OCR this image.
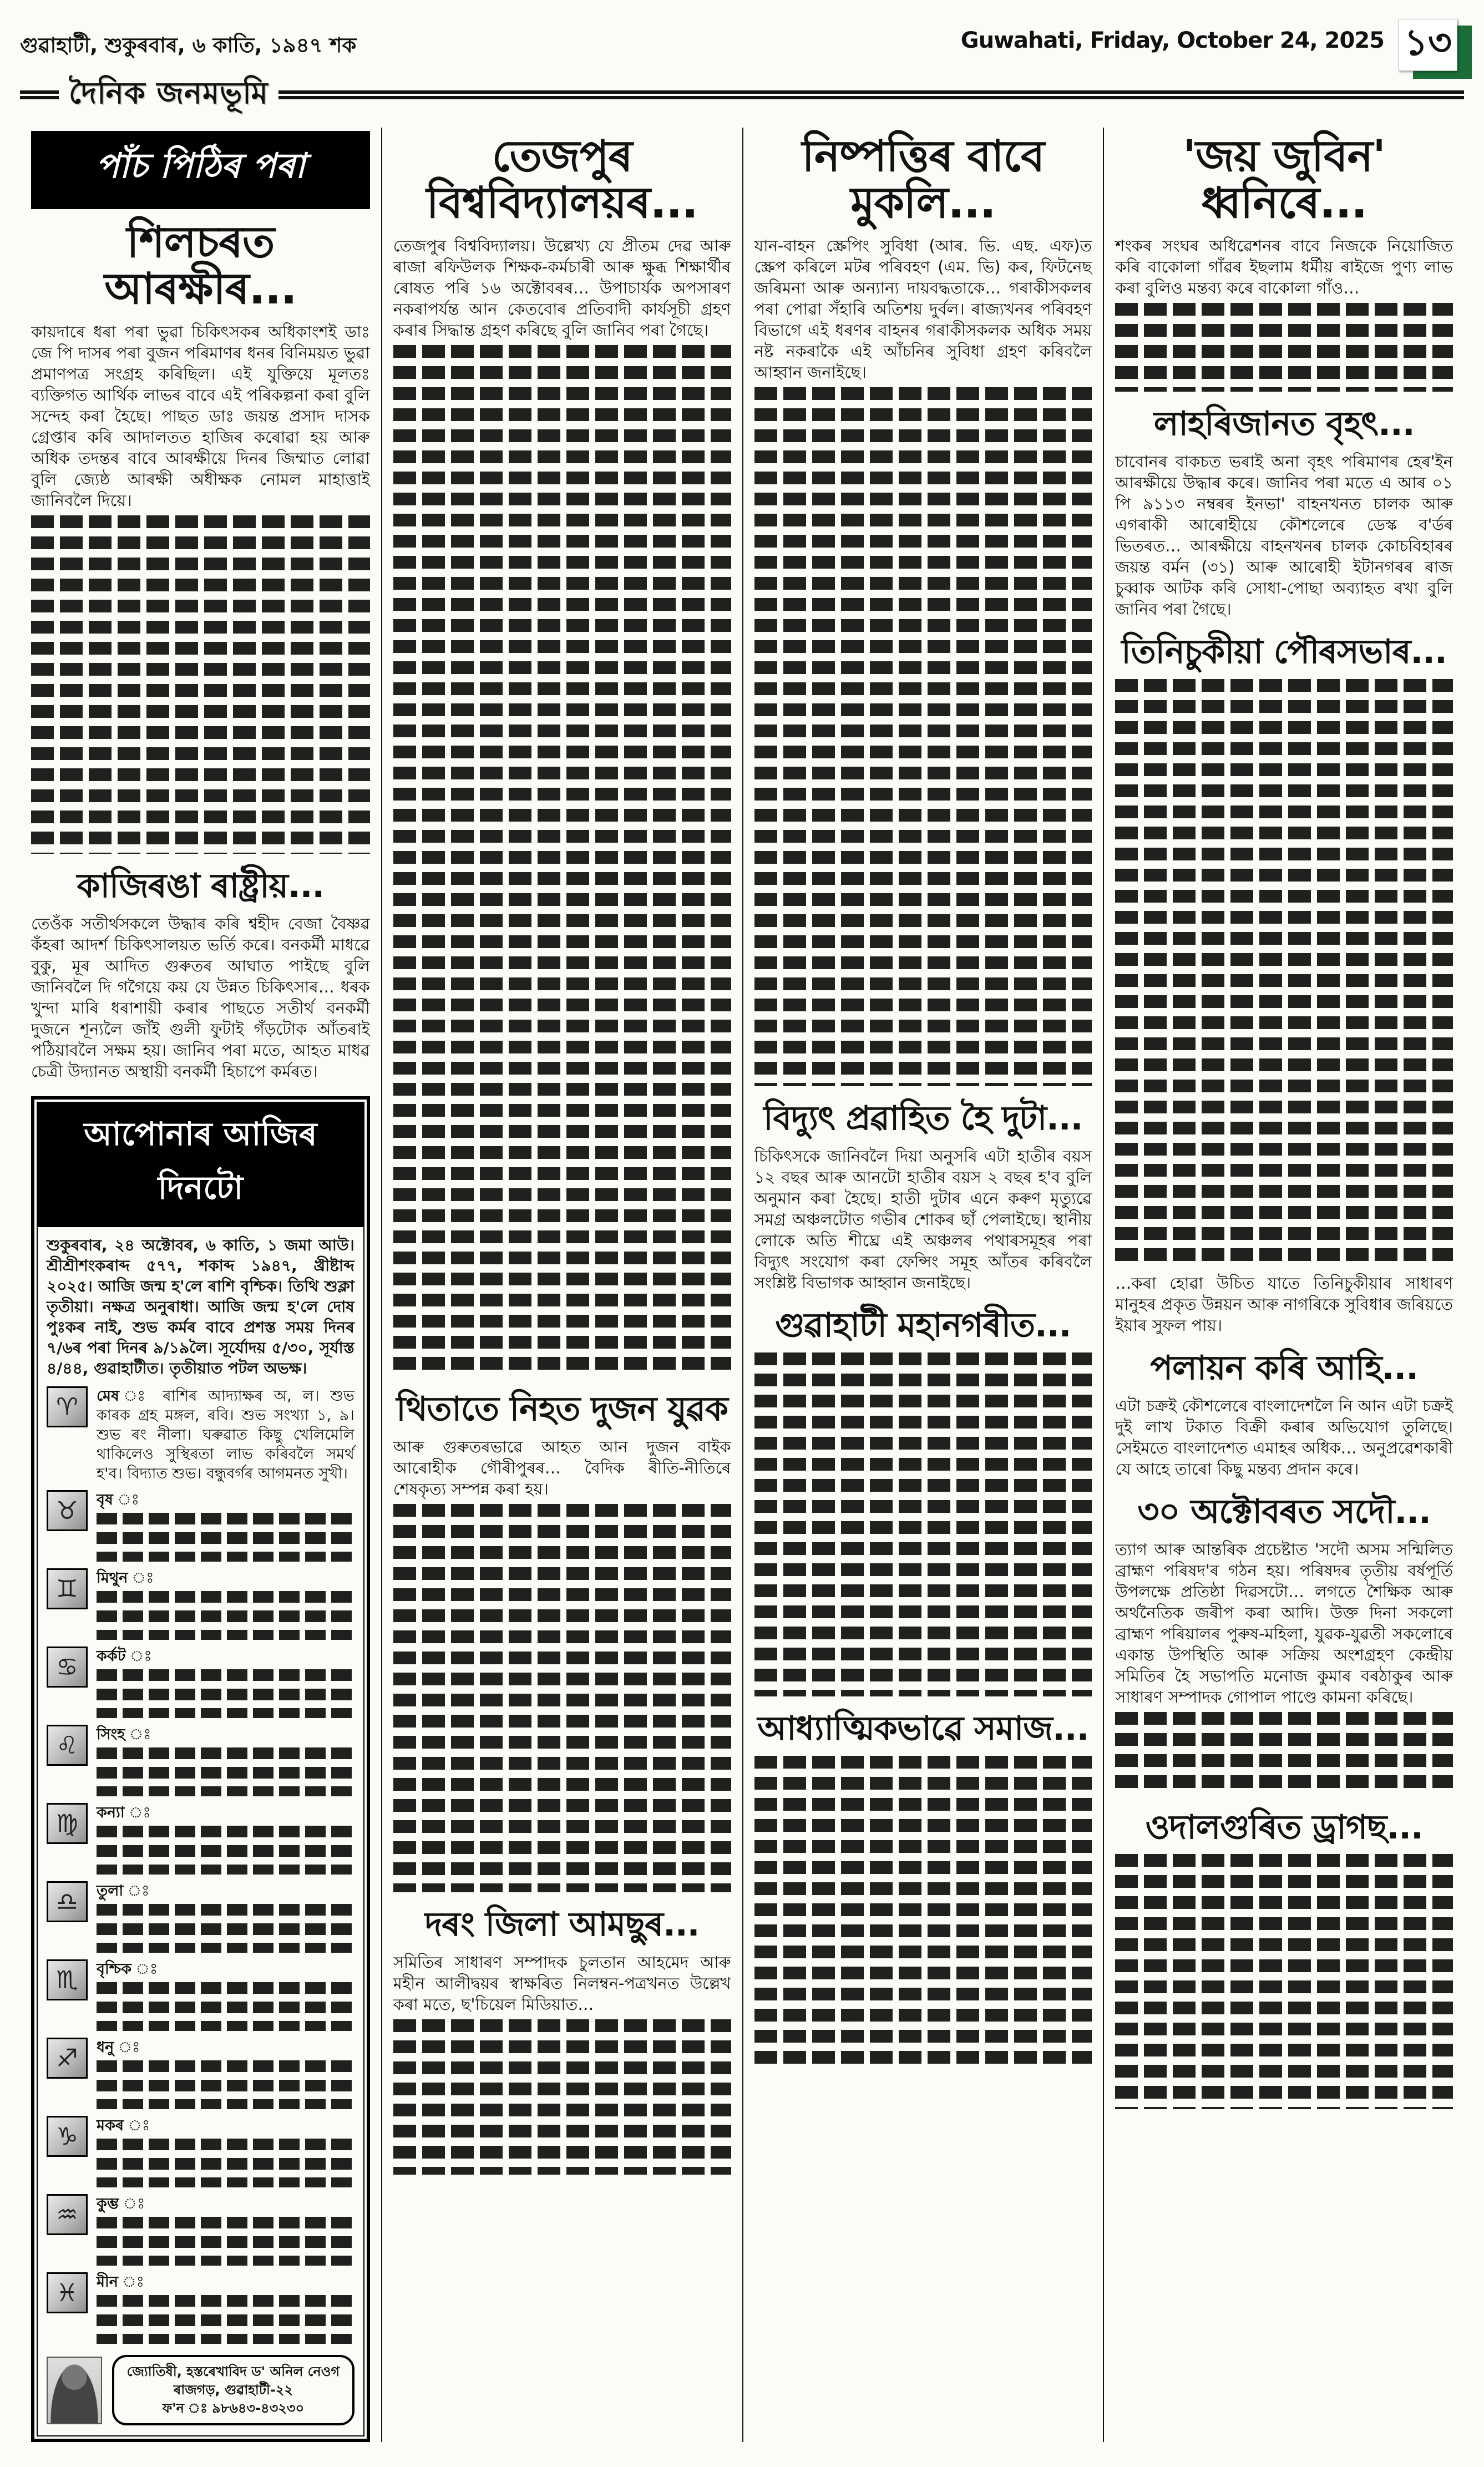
গুৱাহাটী, শুকুৰবাৰ, ৬ কাতি, ১৯৪৭ শক	Guwahati, Friday, October 24, 2025 ১৩
দৈনিক জনমভূমি
পাঁচ পিঠিৰ পৰা
শিলচৰত আৰক্ষীৰ...

কায়দাৰে ধৰা পৰা ভুৱা চিকিৎসকৰ অধিকাংশই ডাঃ জে পি দাসৰ পৰা বুজন পৰিমাণৰ ধনৰ বিনিময়ত ভুৱা প্ৰমাণপত্ৰ সংগ্ৰহ কৰিছিল। এই যুক্তিয়ে মূলতঃ ব্যক্তিগত আৰ্থিক লাভৰ বাবে এই পৰিকল্পনা কৰা বুলি সন্দেহ কৰা হৈছে। পাছত ডাঃ জয়ন্ত প্ৰসাদ দাসক গ্ৰেপ্তাৰ কৰি আদালতত হাজিৰ কৰোৱা হয় আৰু অধিক তদন্তৰ বাবে আৰক্ষীয়ে দিনৰ জিম্মাত লোৱা বুলি জ্যেষ্ঠ আৰক্ষী অধীক্ষক নোমল মাহাত্তাই জানিবলৈ দিয়ে।

কাজিৰঙা ৰাষ্ট্ৰীয়...

তেওঁক সতীৰ্থসকলে উদ্ধাৰ কৰি শ্বহীদ বেজা বৈষ্ণৱ কঁহৰা আদৰ্শ চিকিৎসালয়ত ভৰ্তি কৰে। বনকৰ্মী মাধৱে বুকু, মূৰ আদিত গুৰুতৰ আঘাত পাইছে বুলি জানিবলৈ দি গগৈয়ে কয় যে উন্নত চিকিৎসাৰ… ধৰক খুন্দা মাৰি ধৰাশায়ী কৰাৰ পাছতে সতীৰ্থ বনকৰ্মী দুজনে শূন্যলৈ জাঁই গুলী ফুটাই গঁড়টোক আঁতৰাই পঠিয়াবলৈ সক্ষম হয়। জানিব পৰা মতে, আহত মাধৱ চেত্ৰী উদ্যানত অস্থায়ী বনকৰ্মী হিচাপে কৰ্মৰত।

আপোনাৰ আজিৰ দিনটো

শুকুৰবাৰ, ২৪ অক্টোবৰ, ৬ কাতি, ১ জমা আউ। শ্ৰীশ্ৰীশংকৰাব্দ ৫৭৭, শকাব্দ ১৯৪৭, খ্ৰীষ্টাব্দ ২০২৫। আজি জন্ম হ'লে ৰাশি বৃশ্চিক। তিথি শুক্লা তৃতীয়া। নক্ষত্ৰ অনুৰাধা। আজি জন্ম হ'লে দোষ পুঃকৰ নাই, শুভ কৰ্মৰ বাবে প্ৰশস্ত সময় দিনৰ ৭/৬ৰ পৰা দিনৰ ৯/১৯লৈ। সূৰ্যোদয় ৫/৩০, সূৰ্যাস্ত ৪/৪৪, গুৱাহাটীত। তৃতীয়াত পটল অভক্ষ।

♈	মেষ ঃ ৰাশিৰ আদ্যাক্ষৰ অ, ল। শুভ কাৰক গ্ৰহ মঙ্গল, ৰবি। শুভ সংখ্যা ১, ৯। শুভ ৰং নীলা। ঘৰুৱাত কিছু খেলিমেলি থাকিলেও সুস্থিৰতা লাভ কৰিবলৈ সমৰ্থ হ'ব। বিদ্যাত শুভ। বন্ধুবৰ্গৰ আগমনত সুখী।

♉	বৃষ ঃ

♊	মিথুন ঃ

♋	কৰ্কট ঃ

♌	সিংহ ঃ

♍	কন্যা ঃ

♎	তুলা ঃ

♏	বৃশ্চিক ঃ

♐	ধনু ঃ

♑	মকৰ ঃ

♒	কুম্ভ ঃ

♓	মীন ঃ

জ্যোতিষী, হস্তৰেখাবিদ ড' অনিল নেওগ
ৰাজগড়, গুৱাহাটী-২২
ফ'ন ঃ ৯৮৬৪৩-৪৩২৩০
তেজপুৰ বিশ্ববিদ্যালয়ৰ...

তেজপুৰ বিশ্ববিদ্যালয়। উল্লেখ্য যে প্ৰীতম দেৱ আৰু ৰাজা ৰফিউলক শিক্ষক-কৰ্মচাৰী আৰু ক্ষুব্ধ শিক্ষাৰ্থীৰ ৰোষত পৰি ১৬ অক্টোবৰৰ… উপাচাৰ্যক অপসাৰণ নকৰাপৰ্যন্ত আন কেতবোৰ প্ৰতিবাদী কাৰ্যসূচী গ্ৰহণ কৰাৰ সিদ্ধান্ত গ্ৰহণ কৰিছে বুলি জানিব পৰা গৈছে।

থিতাতে নিহত দুজন যুৱক

আৰু গুৰুতৰভাৱে আহত আন দুজন বাইক আৰোহীক গৌৰীপুৰৰ… বৈদিক ৰীতি-নীতিৰে শেষকৃত্য সম্পন্ন কৰা হয়।

দৰং জিলা আমছুৰ...

সমিতিৰ সাধাৰণ সম্পাদক চুলতান আহমেদ আৰু মহীন আলীদ্বয়ৰ স্বাক্ষৰিত নিলম্বন-পত্ৰখনত উল্লেখ কৰা মতে, ছ'চিয়েল মিডিয়াত…

নিষ্পত্তিৰ বাবে মুকলি...

যান-বাহন স্ক্ৰেপিং সুবিধা (আৰ. ভি. এছ. এফ)ত স্ক্ৰেপ কৰিলে মটৰ পৰিবহণ (এম. ভি) কৰ, ফিটনেছ জৰিমনা আৰু অন্যান্য দায়বদ্ধতাকে… গৰাকীসকলৰ পৰা পোৱা সঁহাৰি অতিশয় দুৰ্বল। ৰাজ্যখনৰ পৰিবহণ বিভাগে এই ধৰণৰ বাহনৰ গৰাকীসকলক অধিক সময় নষ্ট নকৰাকৈ এই আঁচনিৰ সুবিধা গ্ৰহণ কৰিবলৈ আহ্বান জনাইছে।

বিদ্যুৎ প্ৰৱাহিত হৈ দুটা...

চিকিৎসকে জানিবলৈ দিয়া অনুসৰি এটা হাতীৰ বয়স ১২ বছৰ আৰু আনটো হাতীৰ বয়স ২ বছৰ হ'ব বুলি অনুমান কৰা হৈছে। হাতী দুটাৰ এনে কৰুণ মৃত্যুৱে সমগ্ৰ অঞ্চলটোত গভীৰ শোকৰ ছাঁ পেলাইছে। স্থানীয় লোকে অতি শীঘ্ৰে এই অঞ্চলৰ পথাৰসমূহৰ পৰা বিদ্যুৎ সংযোগ কৰা ফেন্সিং সমূহ আঁতৰ কৰিবলৈ সংশ্লিষ্ট বিভাগক আহ্বান জনাইছে।

গুৱাহাটী মহানগৰীত...
আধ্যাত্মিকভাৱে সমাজ...
'জয় জুবিন' ধ্বনিৰে...

শংকৰ সংঘৰ অধিৱেশনৰ বাবে নিজকে নিয়োজিত কৰি বাকোলা গাঁৱৰ ইছলাম ধৰ্মীয় ৰাইজে পুণ্য লাভ কৰা বুলিও মন্তব্য কৰে বাকোলা গাঁও…

লাহৰিজানত বৃহৎ...

চাবোনৰ বাকচত ভৰাই অনা বৃহৎ পৰিমাণৰ হেৰ'ইন আৰক্ষীয়ে উদ্ধাৰ কৰে। জানিব পৰা মতে এ আৰ ০১ পি ৯১১৩ নম্বৰৰ ইনভা' বাহনখনত চালক আৰু এগৰাকী আৰোহীয়ে কৌশলেৰে ডেস্ক ব'ৰ্ডৰ ভিতৰত… আৰক্ষীয়ে বাহনখনৰ চালক কোচবিহাৰৰ জয়ন্ত বৰ্মন (৩১) আৰু আৰোহী ইটানগৰৰ ৰাজ চুব্বাক আটক কৰি সোধা-পোছা অব্যাহত ৰখা বুলি জানিব পৰা গৈছে।

তিনিচুকীয়া পৌৰসভাৰ...

…কৰা হোৱা উচিত যাতে তিনিচুকীয়াৰ সাধাৰণ মানুহৰ প্ৰকৃত উন্নয়ন আৰু নাগৰিকে সুবিধাৰ জৰিয়তে ইয়াৰ সুফল পায়।

পলায়ন কৰি আহি...

এটা চক্ৰই কৌশলেৰে বাংলাদেশলৈ নি আন এটা চক্ৰই দুই লাখ টকাত বিক্ৰী কৰাৰ অভিযোগ তুলিছে। সেইমতে বাংলাদেশত এমাহৰ অধিক… অনুপ্ৰৱেশকাৰী যে আহে তাৰো কিছু মন্তব্য প্ৰদান কৰে।

৩০ অক্টোবৰত সদৌ...

ত্যাগ আৰু আন্তৰিক প্ৰচেষ্টাত 'সদৌ অসম সন্মিলিত ব্ৰাহ্মণ পৰিষদ'ৰ গঠন হয়। পৰিষদৰ তৃতীয় বৰ্ষপূৰ্তি উপলক্ষে প্ৰতিষ্ঠা দিৱসটো… লগতে শৈক্ষিক আৰু অৰ্থনৈতিক জৰীপ কৰা আদি। উক্ত দিনা সকলো ব্ৰাহ্মণ পৰিয়ালৰ পুৰুষ-মহিলা, যুৱক-যুৱতী সকলোৰে একান্ত উপস্থিতি আৰু সক্ৰিয় অংশগ্ৰহণ কেন্দ্ৰীয় সমিতিৰ হৈ সভাপতি মনোজ কুমাৰ বৰঠাকুৰ আৰু সাধাৰণ সম্পাদক গোপাল পাণ্ডে কামনা কৰিছে।

ওদালগুৰিত ড্ৰাগছ...
